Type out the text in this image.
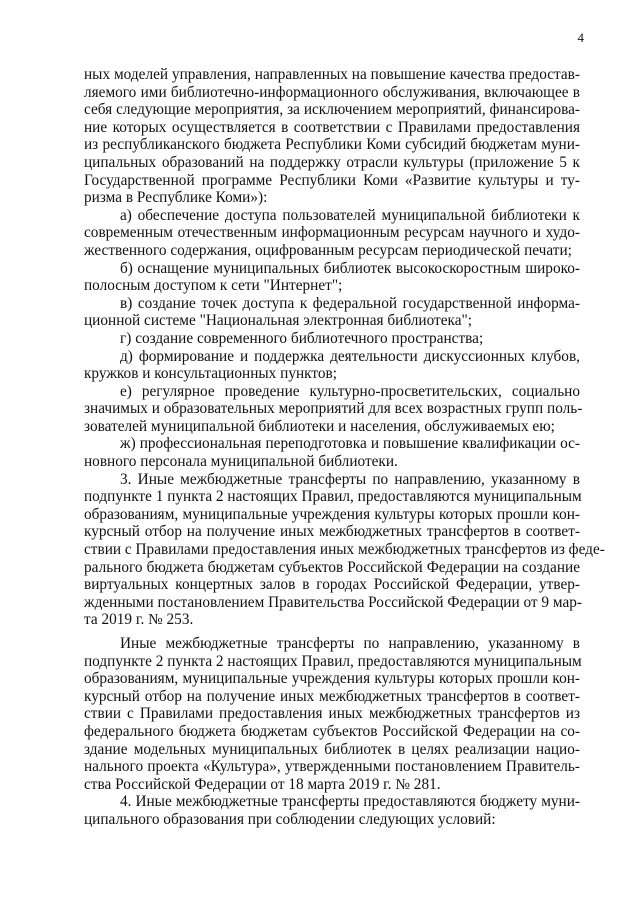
4
ных моделей управления, направленных на повышение качества предостав-
ляемого ими библиотечно-информационного обслуживания, включающее в
себя следующие мероприятия, за исключением мероприятий, финансирова-
ние которых осуществляется в соответствии с Правилами предоставления
из республиканского бюджета Республики Коми субсидий бюджетам муни-
ципальных образований на поддержку отрасли культуры (приложение 5 к
Государственной программе Республики Коми «Развитие культуры и ту-
ризма в Республике Коми»):
а) обеспечение доступа пользователей муниципальной библиотеки к
современным отечественным информационным ресурсам научного и худо-
жественного содержания, оцифрованным ресурсам периодической печати;
б) оснащение муниципальных библиотек высокоскоростным широко-
полосным доступом к сети "Интернет";
в) создание точек доступа к федеральной государственной информа-
ционной системе "Национальная электронная библиотека";
г) создание современного библиотечного пространства;
д) формирование и поддержка деятельности дискуссионных клубов,
кружков и консультационных пунктов;
е) регулярное проведение культурно-просветительских, социально
значимых и образовательных мероприятий для всех возрастных групп поль-
зователей муниципальной библиотеки и населения, обслуживаемых ею;
ж) профессиональная переподготовка и повышение квалификации ос-
новного персонала муниципальной библиотеки.
3. Иные межбюджетные трансферты по направлению, указанному в
подпункте 1 пункта 2 настоящих Правил, предоставляются муниципальным
образованиям, муниципальные учреждения культуры которых прошли кон-
курсный отбор на получение иных межбюджетных трансфертов в соответ-
ствии с Правилами предоставления иных межбюджетных трансфертов из феде-
рального бюджета бюджетам субъектов Российской Федерации на создание
виртуальных концертных залов в городах Российской Федерации, утвер-
жденными постановлением Правительства Российской Федерации от 9 мар-
та 2019 г. № 253.
Иные межбюджетные трансферты по направлению, указанному в
подпункте 2 пункта 2 настоящих Правил, предоставляются муниципальным
образованиям, муниципальные учреждения культуры которых прошли кон-
курсный отбор на получение иных межбюджетных трансфертов в соответ-
ствии с Правилами предоставления иных межбюджетных трансфертов из
федерального бюджета бюджетам субъектов Российской Федерации на со-
здание модельных муниципальных библиотек в целях реализации нацио-
нального проекта «Культура», утвержденными постановлением Правитель-
ства Российской Федерации от 18 марта 2019 г. № 281.
4. Иные межбюджетные трансферты предоставляются бюджету муни-
ципального образования при соблюдении следующих условий:
